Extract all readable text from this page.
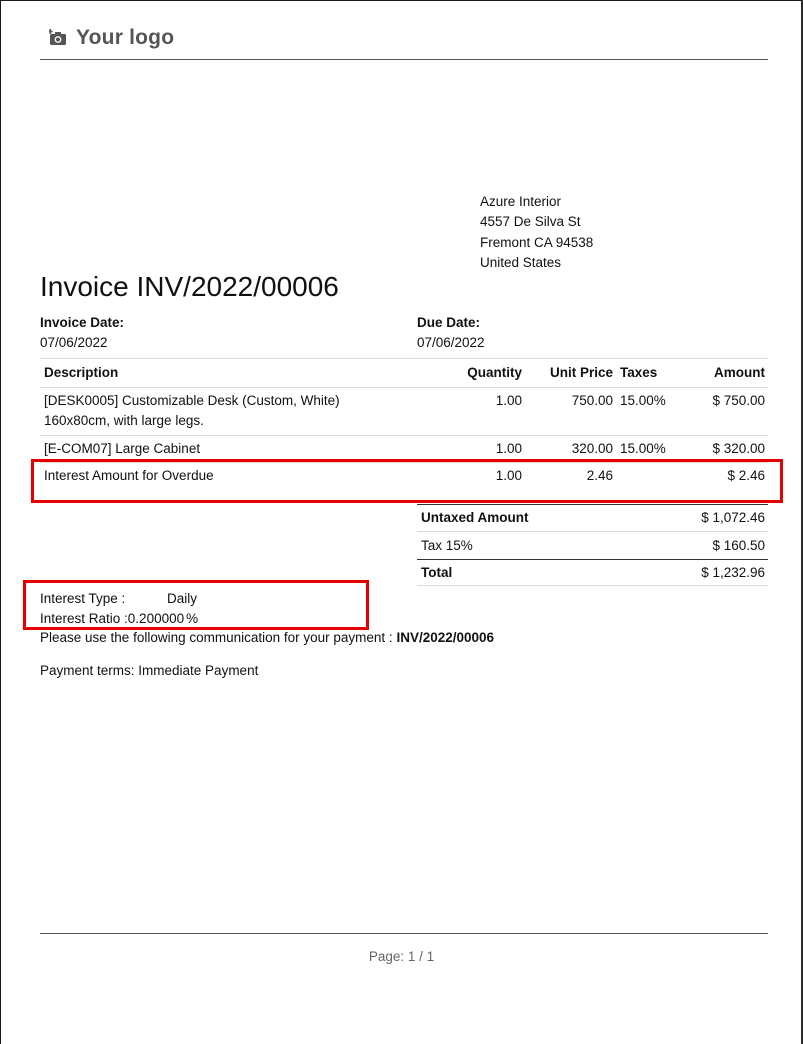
Your logo
Azure Interior
4557 De Silva St
Fremont CA 94538
United States
Invoice INV/2022/00006
Invoice Date:
07/06/2022
Due Date:
07/06/2022
Description	Quantity Unit Price Taxes	Amount
[DESK0005] Customizable Desk (Custom, White)
160x80cm, with large legs.
1.00	750.00 15.00%	$ 750.00
[E-COM07] Large Cabinet	1.00	320.00 15.00%	$ 320.00
Interest Amount for Overdue	1.00	2.46	$ 2.46
Untaxed Amount	$ 1,072.46
Tax 15%	$ 160.50
Total	$ 1,232.96
Interest Type :	Daily
Interest Ratio : 0.200000 %
Please use the following communication for your payment : INV/2022/00006
Payment terms: Immediate Payment
Page: 1 / 1
